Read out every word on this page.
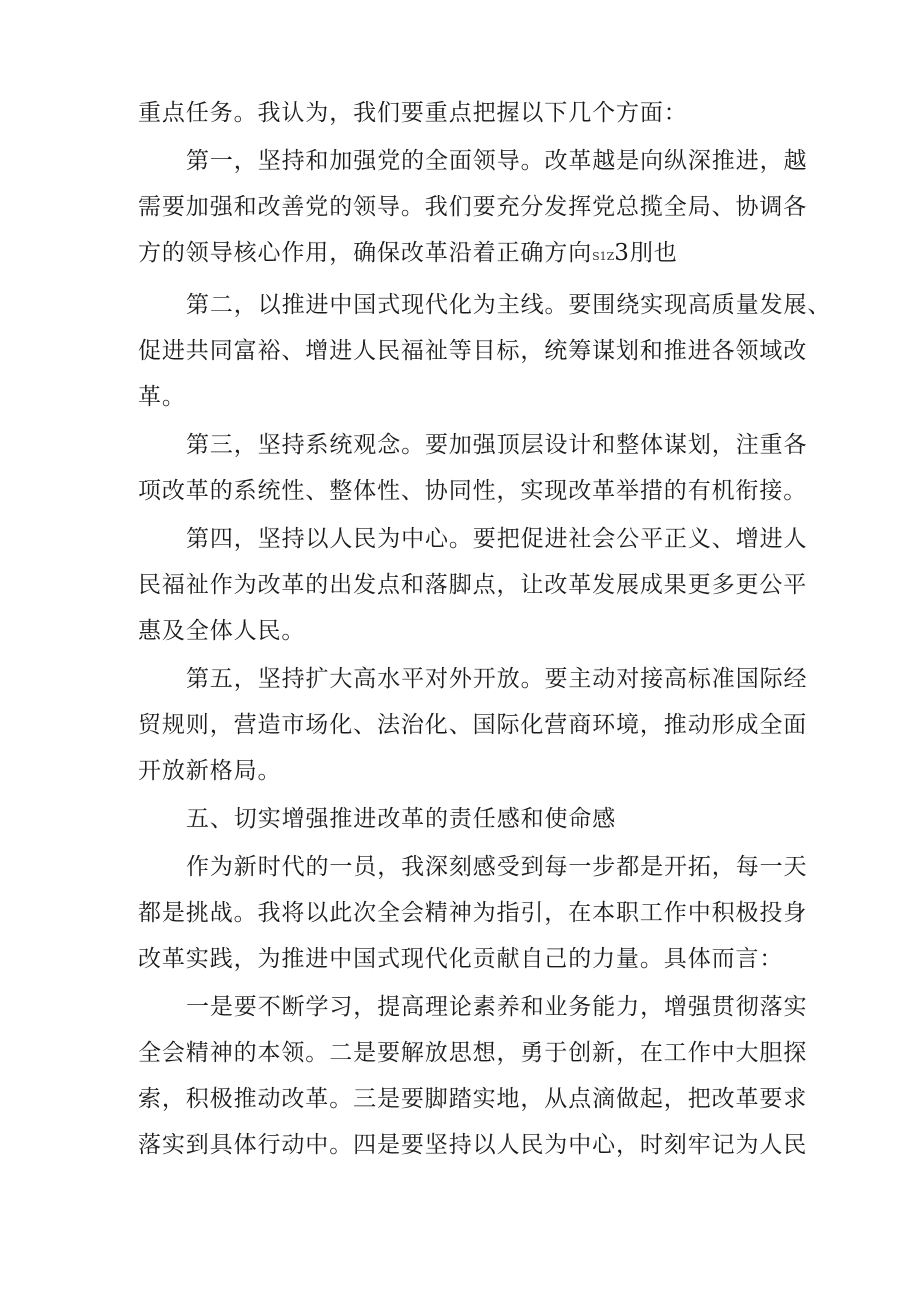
重点任务。我认为，我们要重点把握以下几个方面：
第一，坚持和加强党的全面领导。改革越是向纵深推进，越
需要加强和改善党的领导。我们要充分发挥党总揽全局、协调各
方的领导核心作用，确保改革沿着正确方向S1Z3刖也
第二，以推进中国式现代化为主线。要围绕实现高质量发展、
促进共同富裕、增进人民福祉等目标，统筹谋划和推进各领域改
革。
第三，坚持系统观念。要加强顶层设计和整体谋划，注重各
项改革的系统性、整体性、协同性，实现改革举措的有机衔接。
第四，坚持以人民为中心。要把促进社会公平正义、增进人
民福祉作为改革的出发点和落脚点，让改革发展成果更多更公平
惠及全体人民。
第五，坚持扩大高水平对外开放。要主动对接高标准国际经
贸规则，营造市场化、法治化、国际化营商环境，推动形成全面
开放新格局。
五、切实增强推进改革的责任感和使命感
作为新时代的一员，我深刻感受到每一步都是开拓，每一天
都是挑战。我将以此次全会精神为指引，在本职工作中积极投身
改革实践，为推进中国式现代化贡献自己的力量。具体而言：
一是要不断学习，提高理论素养和业务能力，增强贯彻落实
全会精神的本领。二是要解放思想，勇于创新，在工作中大胆探
索，积极推动改革。三是要脚踏实地，从点滴做起，把改革要求
落实到具体行动中。四是要坚持以人民为中心，时刻牢记为人民
